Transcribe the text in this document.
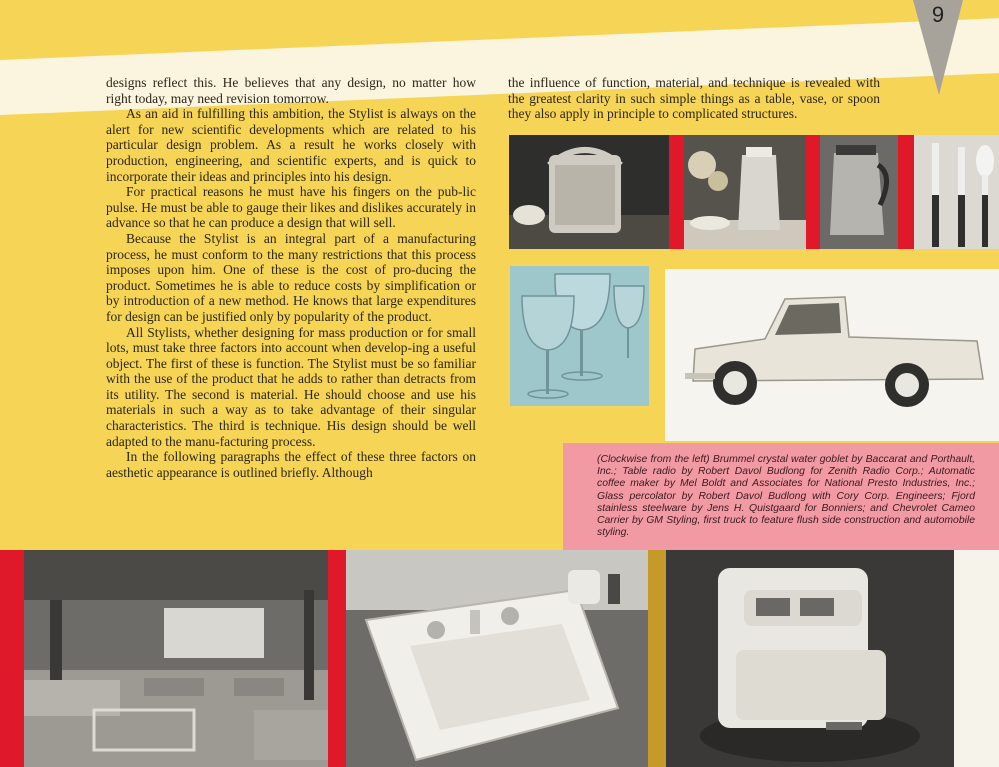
9

designs reflect this. He believes that any design, no matter how right today, may need revision tomorrow.

As an aid in fulfilling this ambition, the Stylist is always on the alert for new scientific developments which are related to his particular design problem. As a result he works closely with production, engineering, and scientific experts, and is quick to incorporate their ideas and principles into his design.

For practical reasons he must have his fingers on the pub-lic pulse. He must be able to gauge their likes and dislikes accurately in advance so that he can produce a design that will sell.

Because the Stylist is an integral part of a manufacturing process, he must conform to the many restrictions that this process imposes upon him. One of these is the cost of pro-ducing the product. Sometimes he is able to reduce costs by simplification or by introduction of a new method. He knows that large expenditures for design can be justified only by popularity of the product.

All Stylists, whether designing for mass production or for small lots, must take three factors into account when develop-ing a useful object. The first of these is function. The Stylist must be so familiar with the use of the product that he adds to rather than detracts from its utility. The second is material. He should choose and use his materials in such a way as to take advantage of their singular characteristics. The third is technique. His design should be well adapted to the manu-facturing process.

In the following paragraphs the effect of these three factors on aesthetic appearance is outlined briefly. Although

the influence of function, material, and technique is revealed with the greatest clarity in such simple things as a table, vase, or spoon they also apply in principle to complicated structures.

(Clockwise from the left) Brummel crystal water goblet by Baccarat and Porthault, Inc.; Table radio by Robert Davol Budlong for Zenith Radio Corp.; Automatic coffee maker by Mel Boldt and Associates for National Presto Industries, Inc.; Glass percolator by Robert Davol Budlong with Cory Corp. Engineers; Fjord stainless steelware by Jens H. Quistgaard for Bonniers; and Chevrolet Cameo Carrier by GM Styling, first truck to feature flush side construction and automobile styling.
